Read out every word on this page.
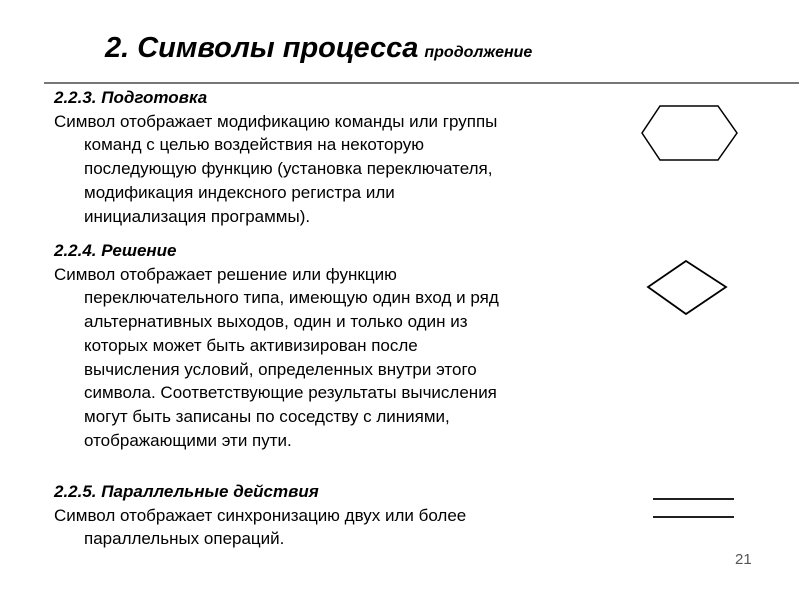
2. Символы процесса продолжение
2.2.3. Подготовка
Символ отображает модификацию команды или группы
команд с целью воздействия на некоторую
последующую функцию (установка переключателя,
модификация индексного регистра или
инициализация программы).
2.2.4. Решение
Символ отображает решение или функцию
переключательного типа, имеющую один вход и ряд
альтернативных выходов, один и только один из
которых может быть активизирован после
вычисления условий, определенных внутри этого
символа. Соответствующие результаты вычисления
могут быть записаны по соседству с линиями,
отображающими эти пути.
2.2.5. Параллельные действия
Символ отображает синхронизацию двух или более
параллельных операций.
21
